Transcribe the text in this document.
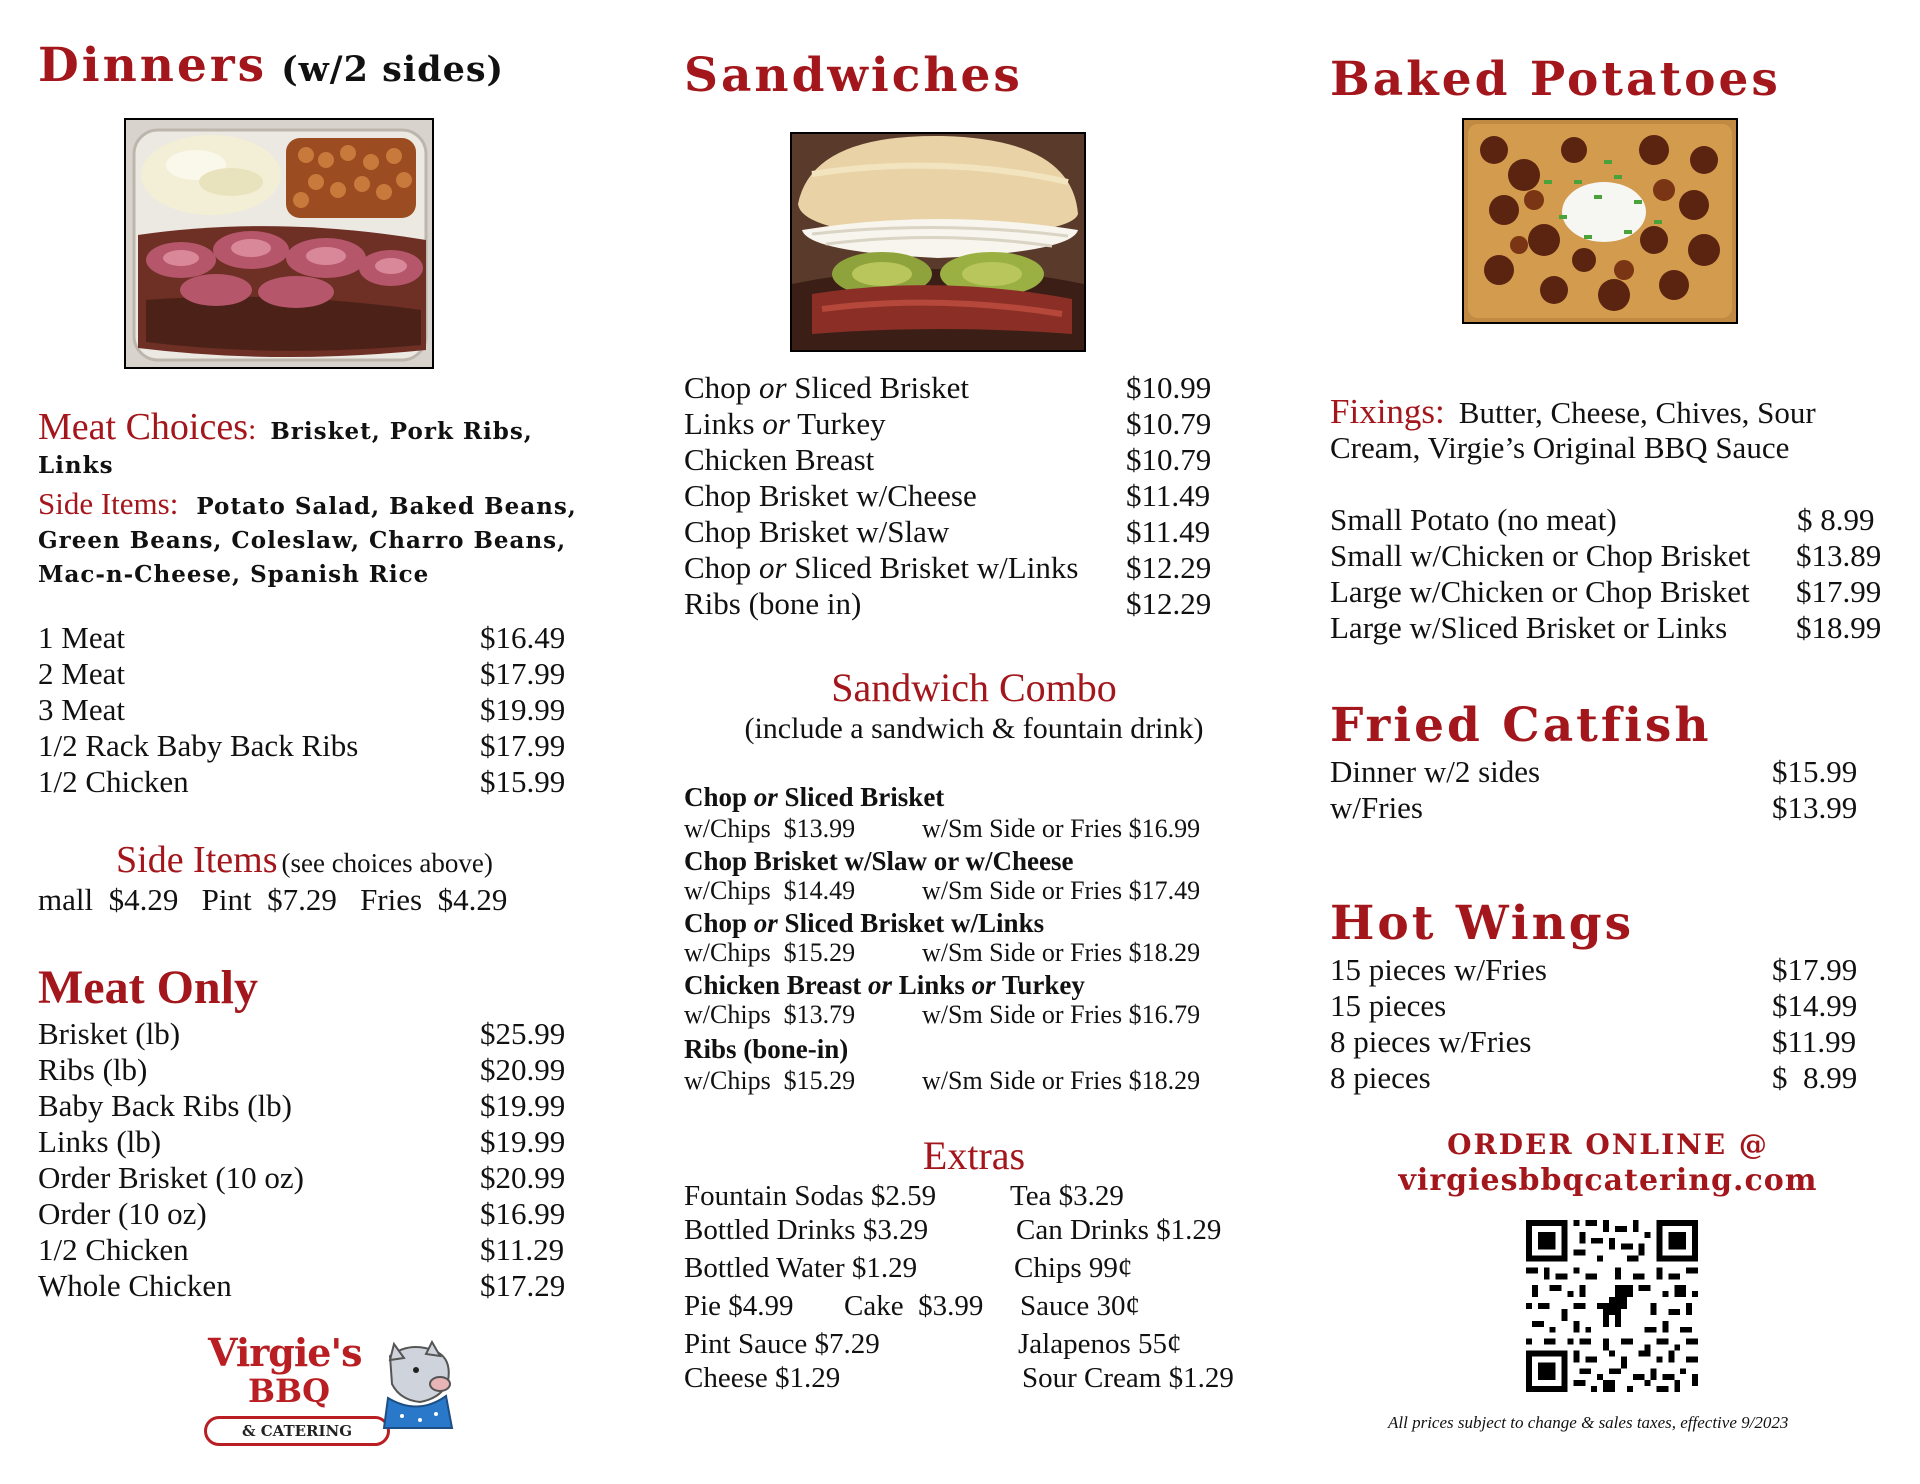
Dinners (w/2 sides)
Meat Choices: Brisket, Pork Ribs, Links
Side Items: Potato Salad, Baked Beans, Green Beans, Coleslaw, Charro Beans, Mac-n-Cheese, Spanish Rice
1 Meat	$16.49
2 Meat	$17.99
3 Meat	$19.99
1/2 Rack Baby Back Ribs	$17.99
1/2 Chicken	$15.99
Side Items (see choices above)
mall  $4.29   Pint  $7.29   Fries  $4.29
Meat Only
Brisket (lb)	$25.99
Ribs (lb)	$20.99
Baby Back Ribs (lb)	$19.99
Links (lb)	$19.99
Order Brisket (10 oz)	$20.99
Order (10 oz)	$16.99
1/2 Chicken	$11.29
Whole Chicken	$17.29
Virgie's
BBQ
& CATERING
Sandwiches
Chop or Sliced Brisket	$10.99
Links or Turkey	$10.79
Chicken Breast	$10.79
Chop Brisket w/Cheese	$11.49
Chop Brisket w/Slaw	$11.49
Chop or Sliced Brisket w/Links $12.29
Ribs (bone in)	$12.29
Sandwich Combo
(include a sandwich & fountain drink)
Chop or Sliced Brisket
w/Chips  $13.99	w/Sm Side or Fries $16.99
Chop Brisket w/Slaw or w/Cheese
w/Chips  $14.49	w/Sm Side or Fries $17.49
Chop or Sliced Brisket w/Links
w/Chips  $15.29	w/Sm Side or Fries $18.29
Chicken Breast or Links or Turkey
w/Chips  $13.79	w/Sm Side or Fries $16.79
Ribs (bone-in)
w/Chips  $15.29	w/Sm Side or Fries $18.29
Extras
Fountain Sodas $2.59	Tea $3.29
Bottled Drinks $3.29	Can Drinks $1.29
Bottled Water $1.29	Chips 99¢
Pie $4.99 Cake  $3.99 Sauce 30¢
Pint Sauce $7.29	Jalapenos 55¢
Cheese $1.29	Sour Cream $1.29
Baked Potatoes
Fixings: Butter, Cheese, Chives, Sour
Cream, Virgie’s Original BBQ Sauce
Small Potato (no meat)	$ 8.99
Small w/Chicken or Chop Brisket $13.89
Large w/Chicken or Chop Brisket $17.99
Large w/Sliced Brisket or Links $18.99
Fried Catfish
Dinner w/2 sides	$15.99
w/Fries	$13.99
Hot Wings
15 pieces w/Fries	$17.99
15 pieces	$14.99
8 pieces w/Fries	$11.99
8 pieces	$  8.99
ORDER ONLINE @
virgiesbbqcatering.com
All prices subject to change & sales taxes, effective 9/2023
